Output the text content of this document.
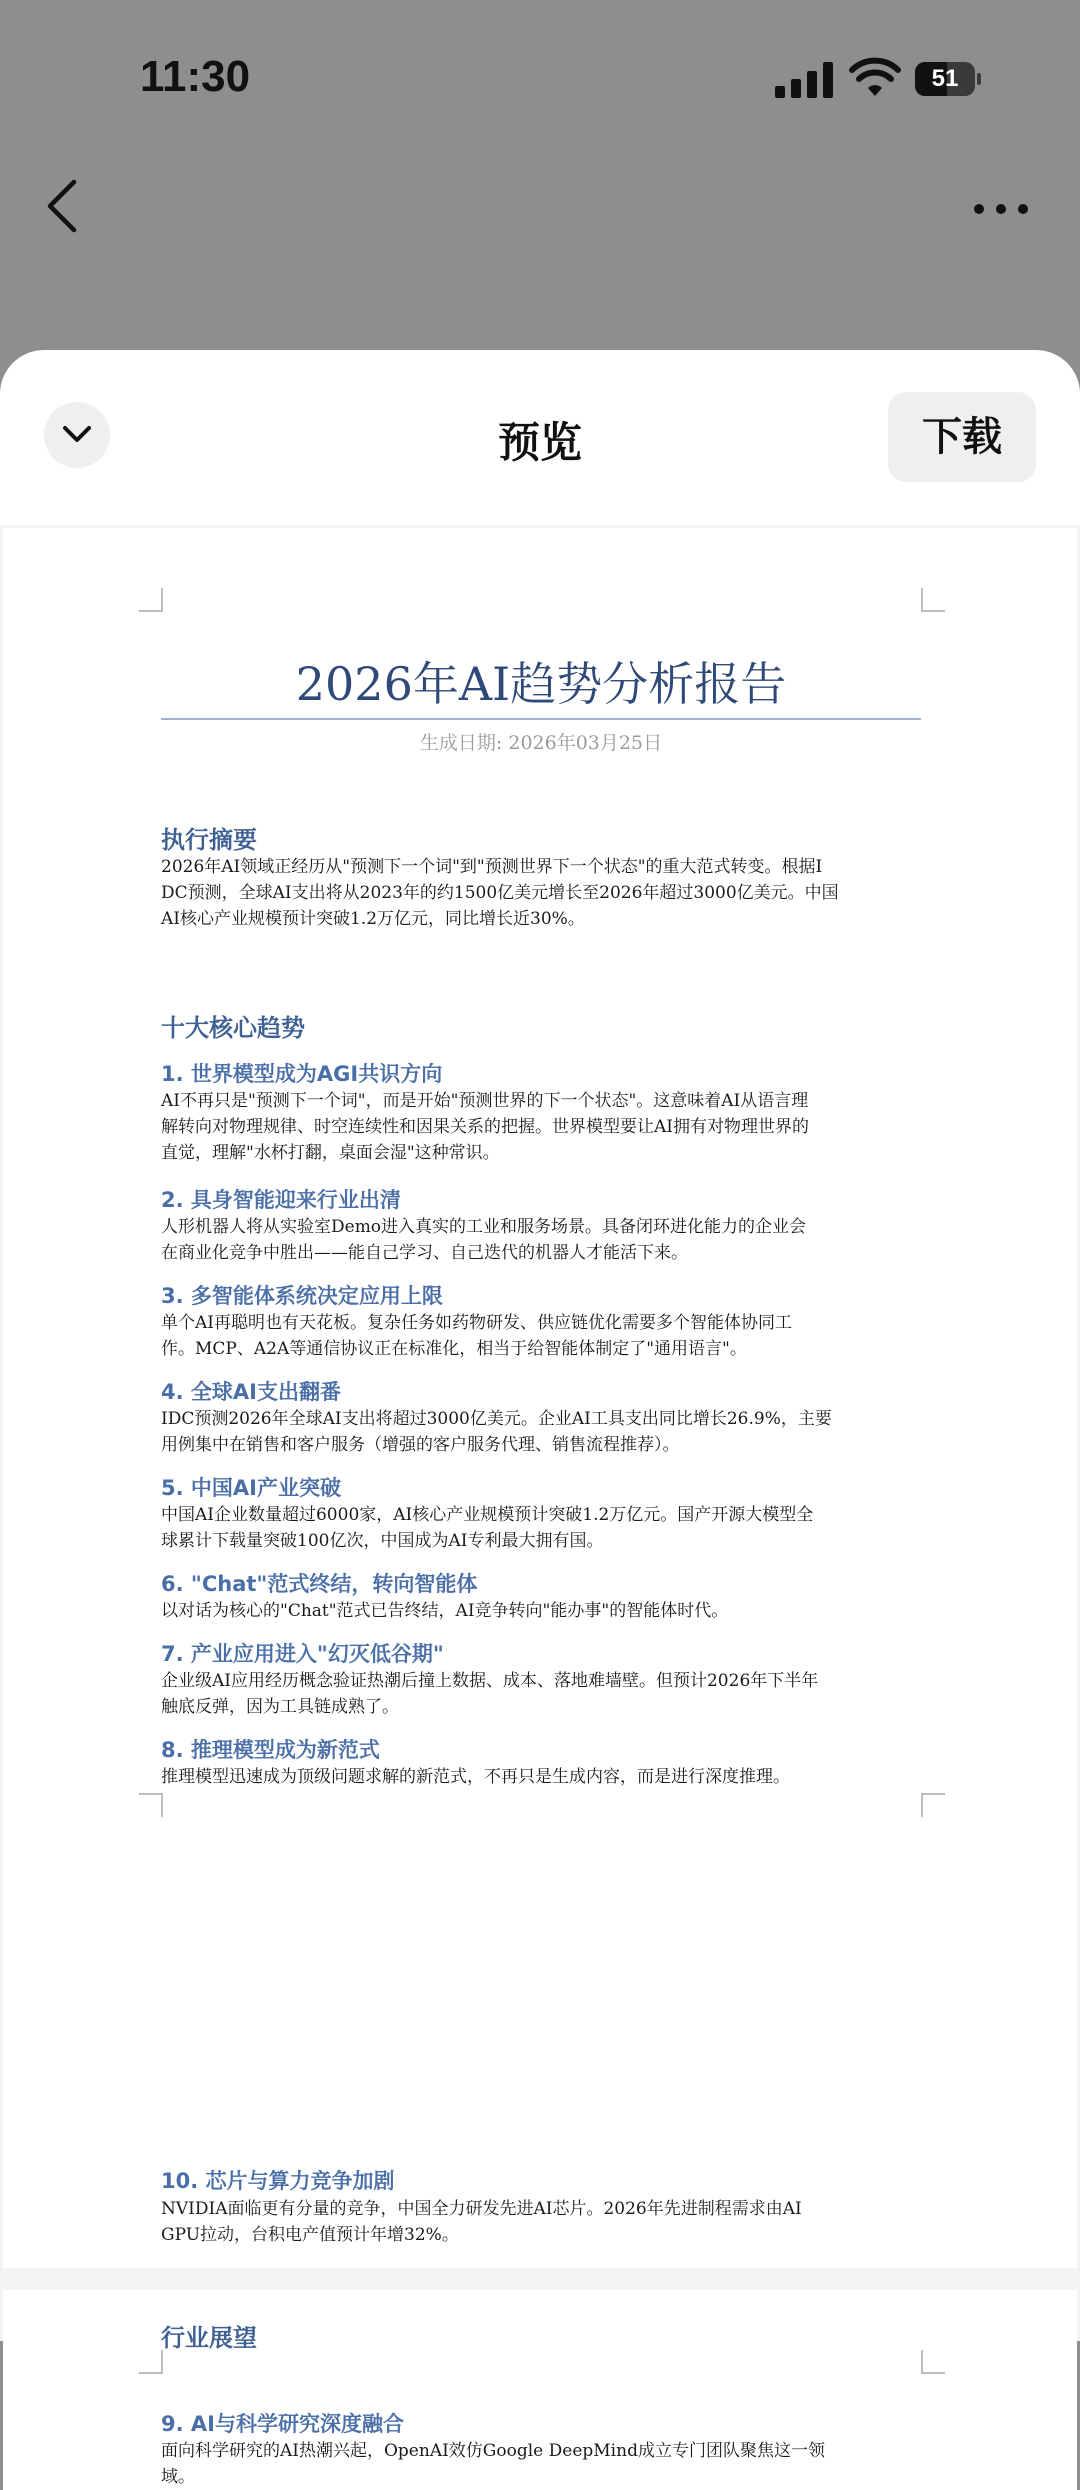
11:30	51
预览	下载
2026年AI趋势分析报告
生成日期: 2026年03月25日
执行摘要
2026年AI领域正经历从"预测下一个词"到"预测世界下一个状态"的重大范式转变。根据I
DC预测，全球AI支出将从2023年的约1500亿美元增长至2026年超过3000亿美元。中国
AI核心产业规模预计突破1.2万亿元，同比增长近30%。
十大核心趋势
1. 世界模型成为AGI共识方向
AI不再只是"预测下一个词"，而是开始"预测世界的下一个状态"。这意味着AI从语言理
解转向对物理规律、时空连续性和因果关系的把握。世界模型要让AI拥有对物理世界的
直觉，理解"水杯打翻，桌面会湿"这种常识。
2. 具身智能迎来行业出清
人形机器人将从实验室Demo进入真实的工业和服务场景。具备闭环进化能力的企业会
在商业化竞争中胜出——能自己学习、自己迭代的机器人才能活下来。
3. 多智能体系统决定应用上限
单个AI再聪明也有天花板。复杂任务如药物研发、供应链优化需要多个智能体协同工
作。MCP、A2A等通信协议正在标准化，相当于给智能体制定了"通用语言"。
4. 全球AI支出翻番
IDC预测2026年全球AI支出将超过3000亿美元。企业AI工具支出同比增长26.9%，主要
用例集中在销售和客户服务（增强的客户服务代理、销售流程推荐）。
5. 中国AI产业突破
中国AI企业数量超过6000家，AI核心产业规模预计突破1.2万亿元。国产开源大模型全
球累计下载量突破100亿次，中国成为AI专利最大拥有国。
6. "Chat"范式终结，转向智能体
以对话为核心的"Chat"范式已告终结，AI竞争转向"能办事"的智能体时代。
7. 产业应用进入"幻灭低谷期"
企业级AI应用经历概念验证热潮后撞上数据、成本、落地难墙壁。但预计2026年下半年
触底反弹，因为工具链成熟了。
8. 推理模型成为新范式
推理模型迅速成为顶级问题求解的新范式，不再只是生成内容，而是进行深度推理。
9. AI与科学研究深度融合
面向科学研究的AI热潮兴起，OpenAI效仿Google DeepMind成立专门团队聚焦这一领
域。
10. 芯片与算力竞争加剧
NVIDIA面临更有分量的竞争，中国全力研发先进AI芯片。2026年先进制程需求由AI
GPU拉动，台积电产值预计年增32%。
行业展望
